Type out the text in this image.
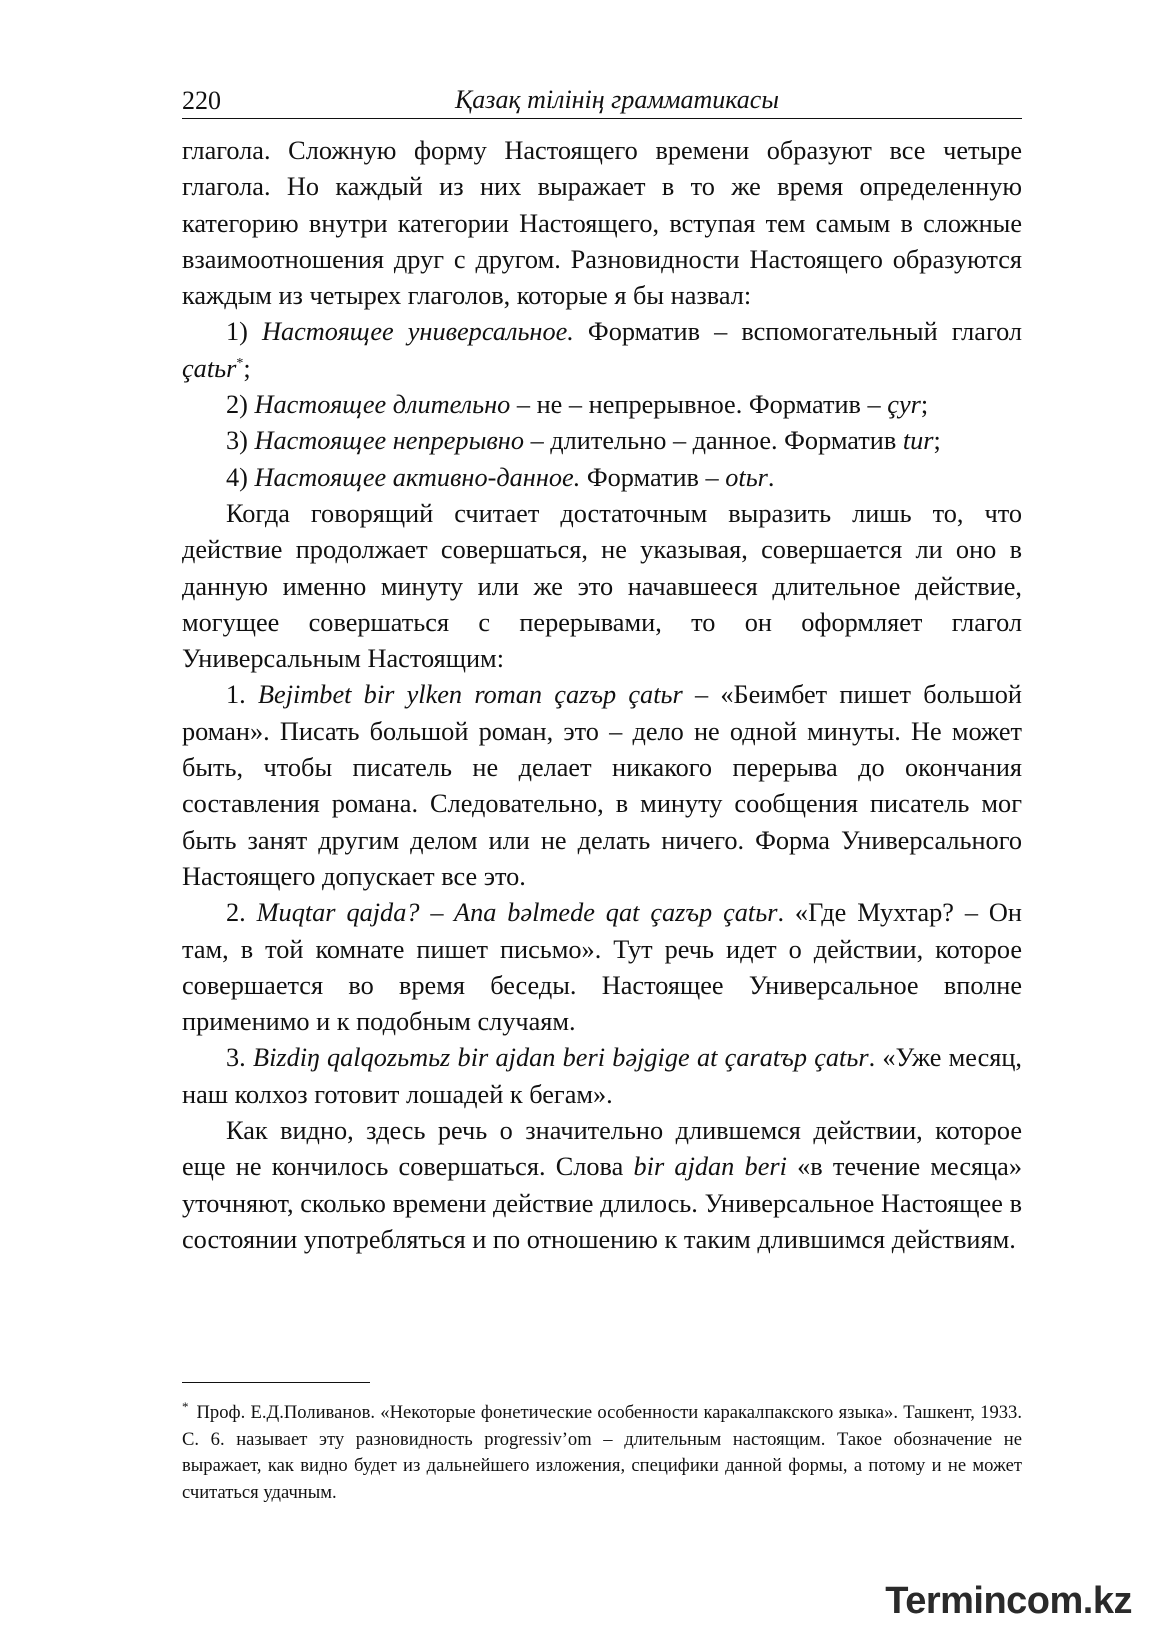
220	Қазақ тілінің грамматикасы

глагола. Сложную форму Настоящего времени образуют все четыре глагола. Но каждый из них выражает в то же время определенную категорию внутри категории Настоящего, вступая тем самым в сложные взаимоотношения друг с другом. Разновидности Настоящего образуются каждым из четырех глаголов, которые я бы назвал:

1) Настоящее универсальное. Форматив – вспомогательный глагол çatьr*;

2) Настоящее длительно – не – непрерывное. Форматив – çyr;

3) Настоящее непрерывно – длительно – данное. Форматив tur;

4) Настоящее активно-данное. Форматив – otьr.

Когда говорящий считает достаточным выразить лишь то, что действие продолжает совершаться, не указывая, совершается ли оно в данную именно минуту или же это начавшееся длительное действие, могущее совершаться с перерывами, то он оформляет глагол Универсальным Настоящим:

1. Bejimbet bir ylken roman çazъp çatьr – «Беимбет пишет большой роман». Писать большой роман, это – дело не одной минуты. Не может быть, чтобы писатель не делает никакого перерыва до окончания составления романа. Следовательно, в минуту сообщения писатель мог быть занят другим делом или не делать ничего. Форма Универсального Настоящего допускает все это.

2. Muqtar qajda? – Ana bəlmede qat çazъp çatьr. «Где Мухтар? – Он там, в той комнате пишет письмо». Тут речь идет о действии, которое совершается во время беседы. Настоящее Универсальное вполне применимо и к подобным случаям.

3. Bizdiŋ qalqozьmьz bir ajdan beri bəjgige at çaratъp çatьr. «Уже месяц, наш колхоз готовит лошадей к бегам».

Как видно, здесь речь о значительно длившемся действии, которое еще не кончилось совершаться. Слова bir ajdan beri «в течение месяца» уточняют, сколько времени действие длилось. Универсальное Настоящее в состоянии употребляться и по отношению к таким длившимся действиям.

* Проф. Е.Д.Поливанов. «Некоторые фонетические особенности каракалпакского языка». Ташкент, 1933. С. 6. называет эту разновидность progressiv’om – длительным настоящим. Такое обозначение не выражает, как видно будет из дальнейшего изложения, специфики данной формы, а потому и не может считаться удачным.
Termincom.kz
